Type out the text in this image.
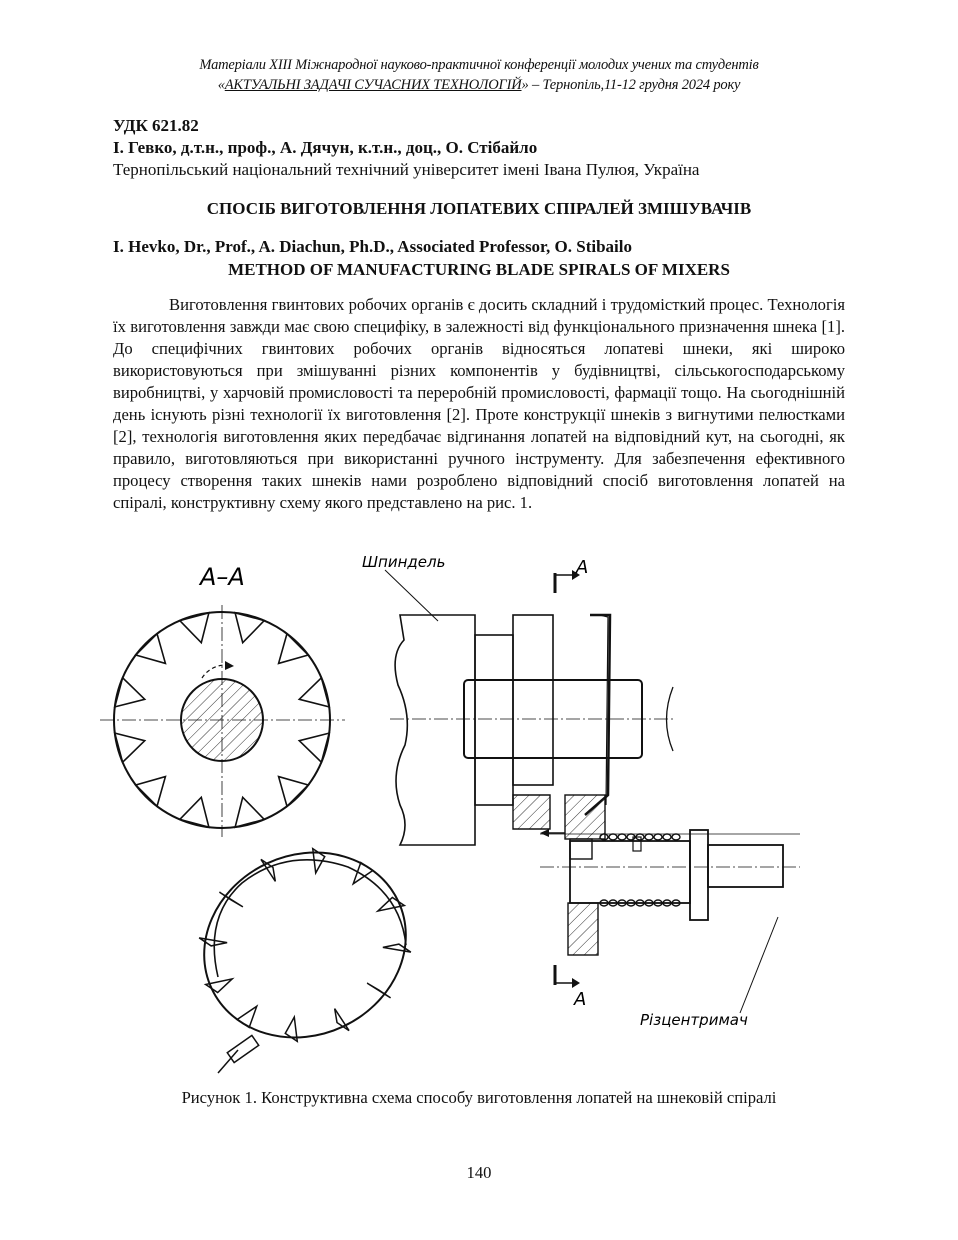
Матеріали XIII Міжнародної науково-практичної конференції молодих учених та студентів
«АКТУАЛЬНІ ЗАДАЧІ СУЧАСНИХ ТЕХНОЛОГІЙ» – Тернопіль,11-12 грудня 2024 року
УДК 621.82
І. Гевко, д.т.н., проф., А. Дячун, к.т.н., доц., О. Стібайло
Тернопільський національний технічний університет імені Івана Пулюя, Україна
СПОСІБ ВИГОТОВЛЕННЯ ЛОПАТЕВИХ СПІРАЛЕЙ ЗМІШУВАЧІВ
I. Hevko, Dr., Prof., A. Diachun, Ph.D., Associated Professor, O. Stibailo
METHOD OF MANUFACTURING BLADE SPIRALS OF MIXERS
Виготовлення гвинтових робочих органів є досить складний і трудомісткий процес. Технологія їх виготовлення завжди має свою специфіку, в залежності від функціонального призначення шнека [1]. До специфічних гвинтових робочих органів відносяться лопатеві шнеки, які широко використовуються при змішуванні різних компонентів у будівництві, сільськогосподарському виробництві, у харчовій промисловості та переробній промисловості, фармації тощо. На сьогоднішній день існують різні технології їх виготовлення [2]. Проте конструкції шнеків з вигнутими пелюстками [2], технологія виготовлення яких передбачає відгинання лопатей на відповідний кут, на сьогодні, як правило, виготовляються при використанні ручного інструменту. Для забезпечення ефективного процесу створення таких шнеків нами розроблено відповідний спосіб виготовлення лопатей на спіралі, конструктивну схему якого представлено на рис. 1.
А–А
Шпиндель	А
А
Різцентримач
Рисунок 1. Конструктивна схема способу виготовлення лопатей на шнековій спіралі
140
